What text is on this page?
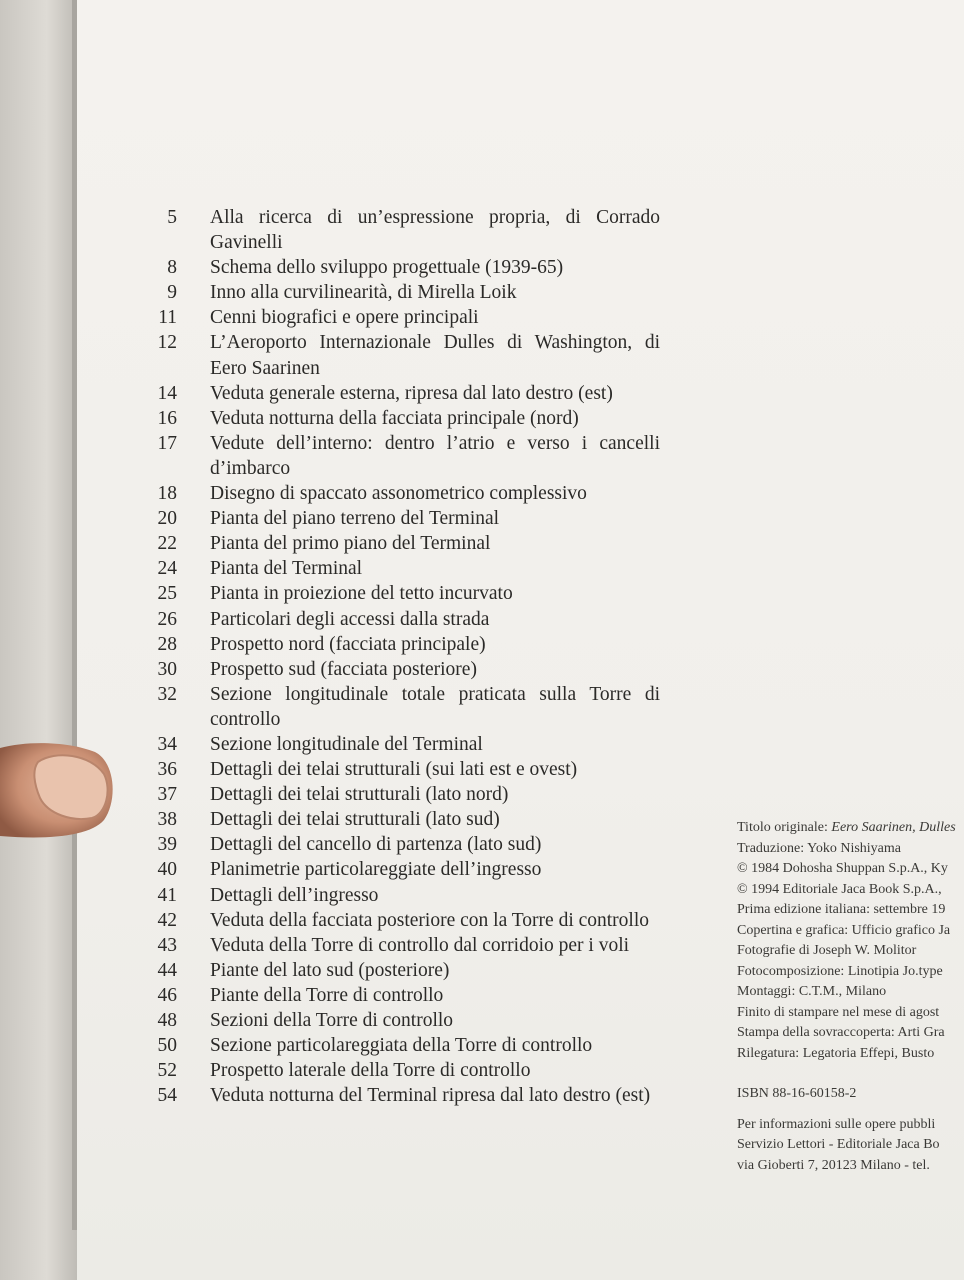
5	Alla ricerca di un’espressione propria, di Corrado Gavinelli
8	Schema dello sviluppo progettuale (1939-65)
9	Inno alla curvilinearità, di Mirella Loik
11	Cenni biografici e opere principali
12	L’Aeroporto Internazionale Dulles di Washington, di Eero Saarinen
14	Veduta generale esterna, ripresa dal lato destro (est)
16	Veduta notturna della facciata principale (nord)
17	Vedute dell’interno: dentro l’atrio e verso i cancelli d’imbarco
18	Disegno di spaccato assonometrico complessivo
20	Pianta del piano terreno del Terminal
22	Pianta del primo piano del Terminal
24	Pianta del Terminal
25	Pianta in proiezione del tetto incurvato
26	Particolari degli accessi dalla strada
28	Prospetto nord (facciata principale)
30	Prospetto sud (facciata posteriore)
32	Sezione longitudinale totale praticata sulla Torre di controllo
34	Sezione longitudinale del Terminal
36	Dettagli dei telai strutturali (sui lati est e ovest)
37	Dettagli dei telai strutturali (lato nord)
38	Dettagli dei telai strutturali (lato sud)
39	Dettagli del cancello di partenza (lato sud)
40	Planimetrie particolareggiate dell’ingresso
41	Dettagli dell’ingresso
42	Veduta della facciata posteriore con la Torre di controllo
43	Veduta della Torre di controllo dal corridoio per i voli
44	Piante del lato sud (posteriore)
46	Piante della Torre di controllo
48	Sezioni della Torre di controllo
50	Sezione particolareggiata della Torre di controllo
52	Prospetto laterale della Torre di controllo
54	Veduta notturna del Terminal ripresa dal lato destro (est)

Titolo originale: Eero Saarinen, Dulles

Traduzione: Yoko Nishiyama

© 1984 Dohosha Shuppan S.p.A., Ky

© 1994 Editoriale Jaca Book S.p.A.,

Prima edizione italiana: settembre 19

Copertina e grafica: Ufficio grafico Ja

Fotografie di Joseph W. Molitor

Fotocomposizione: Linotipia Jo.type

Montaggi: C.T.M., Milano

Finito di stampare nel mese di agost

Stampa della sovraccoperta: Arti Gra

Rilegatura: Legatoria Effepi, Busto

ISBN 88-16-60158-2

Per informazioni sulle opere pubbli

Servizio Lettori - Editoriale Jaca Bo

via Gioberti 7, 20123 Milano - tel.
